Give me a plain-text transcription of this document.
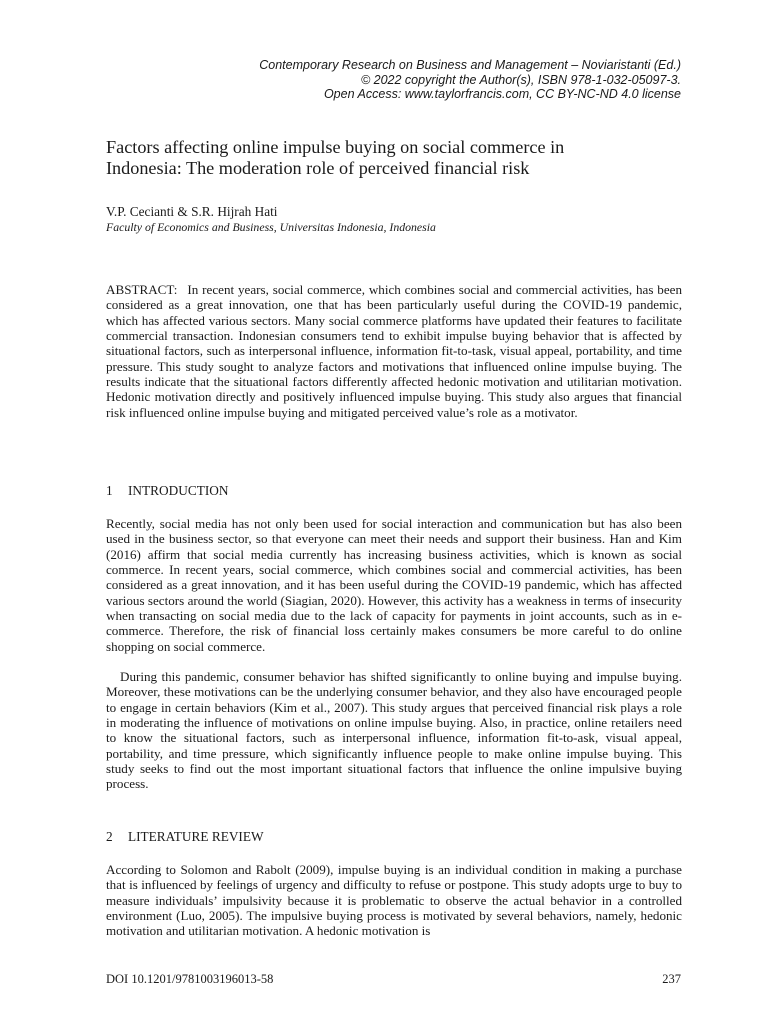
Contemporary Research on Business and Management – Noviaristanti (Ed.)
© 2022 copyright the Author(s), ISBN 978-1-032-05097-3.
Open Access: www.taylorfrancis.com, CC BY-NC-ND 4.0 license
Factors affecting online impulse buying on social commerce in
Indonesia: The moderation role of perceived financial risk
V.P. Cecianti & S.R. Hijrah Hati
Faculty of Economics and Business, Universitas Indonesia, Indonesia

ABSTRACT: In recent years, social commerce, which combines social and commercial activities, has been considered as a great innovation, one that has been particularly useful during the COVID-19 pandemic, which has affected various sectors. Many social commerce platforms have updated their features to facilitate commercial transaction. Indonesian consumers tend to exhibit impulse buying behavior that is affected by situational factors, such as interpersonal influence, information fit-to-task, visual appeal, portability, and time pressure. This study sought to analyze factors and motivations that influenced online impulse buying. The results indicate that the situational factors differently affected hedonic motivation and utilitarian motivation. Hedonic motivation directly and positively influenced impulse buying. This study also argues that financial risk influenced online impulse buying and mitigated perceived value’s role as a motivator.

1 INTRODUCTION

Recently, social media has not only been used for social interaction and communication but has also been used in the business sector, so that everyone can meet their needs and support their business. Han and Kim (2016) affirm that social media currently has increasing business activities, which is known as social commerce. In recent years, social commerce, which combines social and commercial activities, has been considered as a great innovation, and it has been useful during the COVID-19 pandemic, which has affected various sectors around the world (Siagian, 2020). However, this activity has a weakness in terms of insecurity when transacting on social media due to the lack of capacity for payments in joint accounts, such as in e-commerce. Therefore, the risk of financial loss certainly makes consumers be more careful to do online shopping on social commerce.

During this pandemic, consumer behavior has shifted significantly to online buying and impulse buying. Moreover, these motivations can be the underlying consumer behavior, and they also have encouraged people to engage in certain behaviors (Kim et al., 2007). This study argues that perceived financial risk plays a role in moderating the influence of motivations on online impulse buying. Also, in practice, online retailers need to know the situational factors, such as interpersonal influence, information fit-to-ask, visual appeal, portability, and time pressure, which significantly influence people to make online impulse buying. This study seeks to find out the most important situational factors that influence the online impulsive buying process.

2 LITERATURE REVIEW

According to Solomon and Rabolt (2009), impulse buying is an individual condition in making a purchase that is influenced by feelings of urgency and difficulty to refuse or postpone. This study adopts urge to buy to measure individuals’ impulsivity because it is problematic to observe the actual behavior in a controlled environment (Luo, 2005). The impulsive buying process is motivated by several behaviors, namely, hedonic motivation and utilitarian motivation. A hedonic motivation is

DOI 10.1201/9781003196013-58	237
